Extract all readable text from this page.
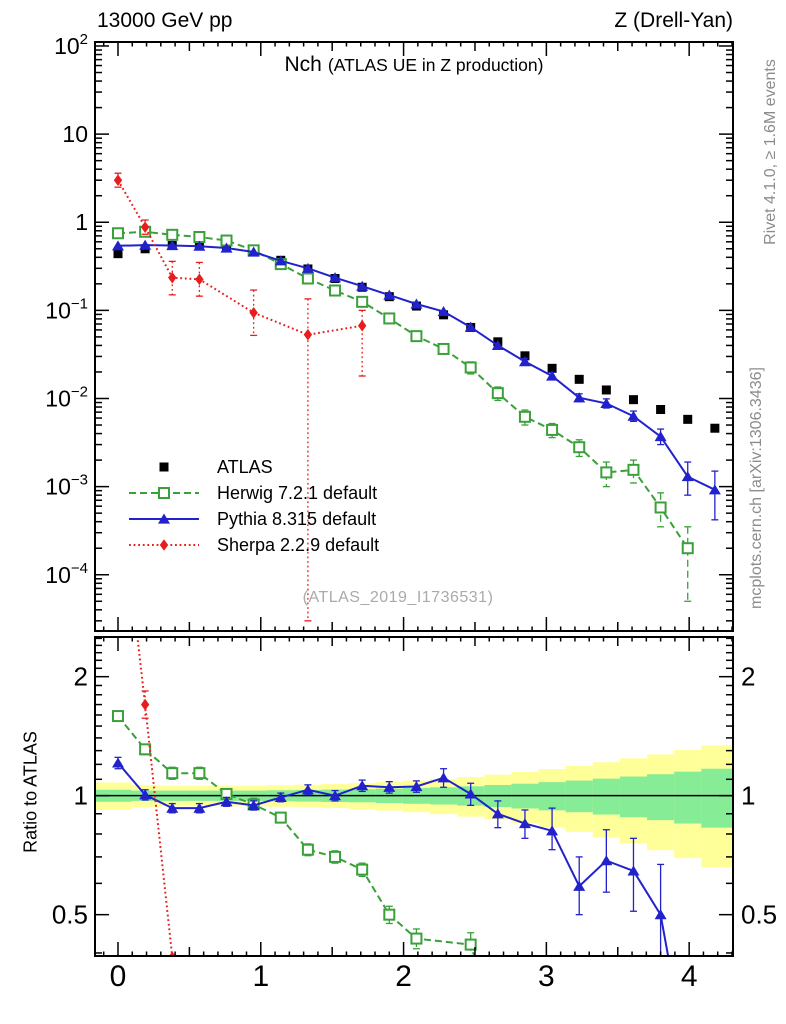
$10^2$
10
1
$10^{-1}$
$10^{-2}$
$10^{-3}$
$10^{-4}$
2	2
1	1
0.5	0.5
0	1	2	3	4
13000 GeV pp	Z (Drell-Yan)
Nch (ATLAS UE in Z production)
ATLAS
Herwig 7.2.1 default
Pythia 8.315 default
Sherpa 2.2.9 default
(ATLAS_2019_I1736531)
Ratio to ATLAS
Rivet 4.1.0, ≥ 1.6M events
mcplots.cern.ch [arXiv:1306.3436]
